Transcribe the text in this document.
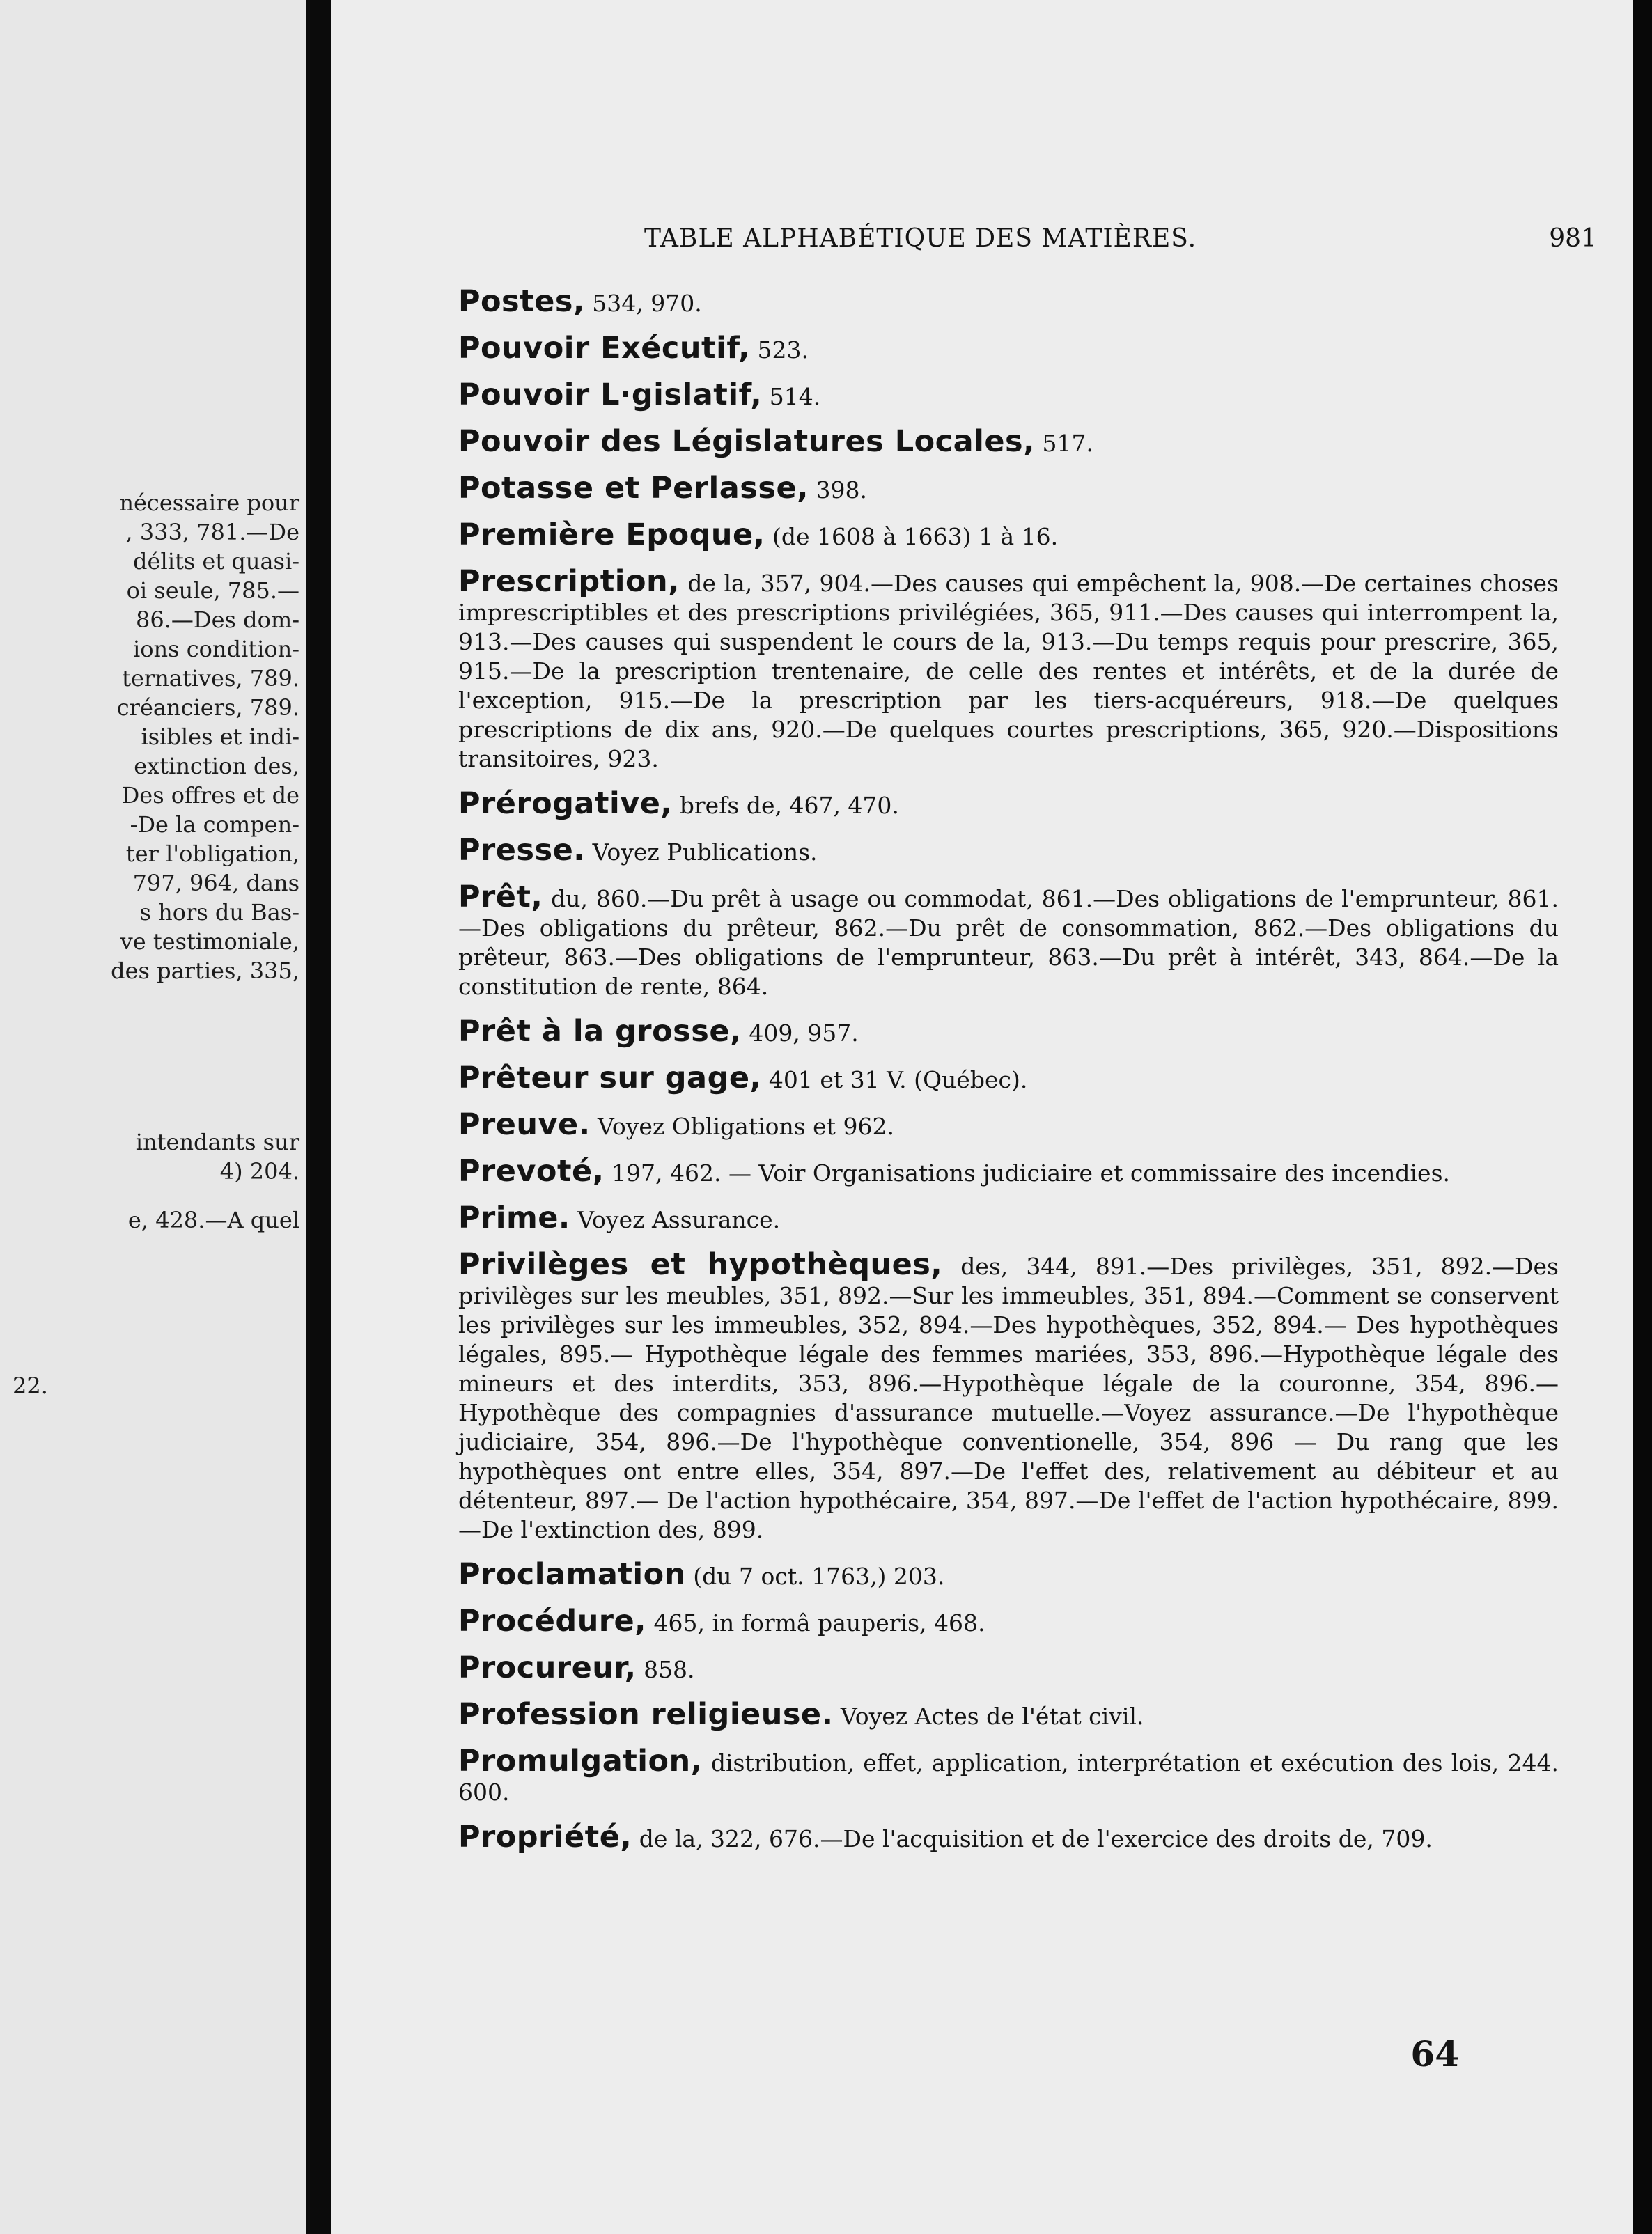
nécessaire pour
, 333, 781.—De
délits et quasi-
oi seule, 785.—
86.—Des dom-
ions condition-
ternatives, 789.
créanciers, 789.
isibles et indi-
extinction des,
Des offres et de
-De la compen-
ter l'obligation,
797, 964, dans
s hors du Bas-
ve testimoniale,
des parties, 335,
intendants sur
4) 204.
e, 428.—A quel
22.
TABLE ALPHABÉTIQUE DES MATIÈRES.	981
Postes, 534, 970.
Pouvoir Exécutif, 523.
Pouvoir L·gislatif, 514.
Pouvoir des Législatures Locales, 517.
Potasse et Perlasse, 398.
Première Epoque, (de 1608 à 1663) 1 à 16.
Prescription, de la, 357, 904.—Des causes qui empêchent la, 908.—De certaines choses imprescriptibles et des prescriptions privilégiées, 365, 911.—Des causes qui interrompent la, 913.—Des causes qui suspendent le cours de la, 913.—Du temps requis pour prescrire, 365, 915.—De la prescription trentenaire, de celle des rentes et intérêts, et de la durée de l'exception, 915.—De la prescription par les tiers-acquéreurs, 918.—De quelques prescriptions de dix ans, 920.—De quelques courtes prescriptions, 365, 920.—Dispositions transitoires, 923.
Prérogative, brefs de, 467, 470.
Presse. Voyez Publications.
Prêt, du, 860.—Du prêt à usage ou commodat, 861.—Des obligations de l'emprunteur, 861.—Des obligations du prêteur, 862.—Du prêt de consommation, 862.—Des obligations du prêteur, 863.—Des obligations de l'emprunteur, 863.—Du prêt à intérêt, 343, 864.—De la constitution de rente, 864.
Prêt à la grosse, 409, 957.
Prêteur sur gage, 401 et 31 V. (Québec).
Preuve. Voyez Obligations et 962.
Prevoté, 197, 462. — Voir Organisations judiciaire et commissaire des incendies.
Prime. Voyez Assurance.
Privilèges et hypothèques, des, 344, 891.—Des privilèges, 351, 892.—Des privilèges sur les meubles, 351, 892.—Sur les immeubles, 351, 894.—Comment se conservent les privilèges sur les immeubles, 352, 894.—Des hypothèques, 352, 894.— Des hypothèques légales, 895.— Hypothèque légale des femmes mariées, 353, 896.—Hypothèque légale des mineurs et des interdits, 353, 896.—Hypothèque légale de la couronne, 354, 896.—Hypothèque des compagnies d'assurance mutuelle.—Voyez assurance.—De l'hypothèque judiciaire, 354, 896.—De l'hypothèque conventionelle, 354, 896 — Du rang que les hypothèques ont entre elles, 354, 897.—De l'effet des, relativement au débiteur et au détenteur, 897.— De l'action hypothécaire, 354, 897.—De l'effet de l'action hypothécaire, 899.—De l'extinction des, 899.
Proclamation (du 7 oct. 1763,) 203.
Procédure, 465, in formâ pauperis, 468.
Procureur, 858.
Profession religieuse. Voyez Actes de l'état civil.
Promulgation, distribution, effet, application, interprétation et exécution des lois, 244. 600.
Propriété, de la, 322, 676.—De l'acquisition et de l'exercice des droits de, 709.
64
